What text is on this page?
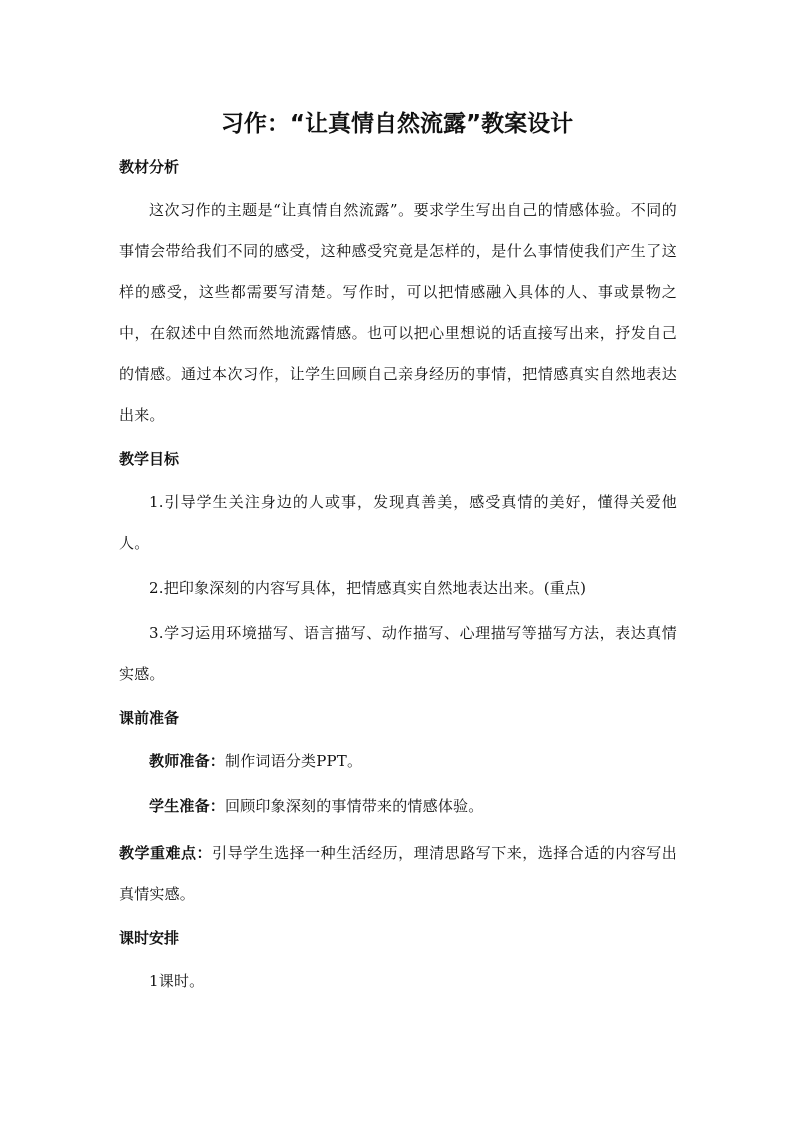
习作：“让真情自然流露”教案设计
教材分析

这次习作的主题是“让真情自然流露”。要求学生写出自己的情感体验。不同的事情会带给我们不同的感受，这种感受究竟是怎样的，是什么事情使我们产生了这样的感受，这些都需要写清楚。写作时，可以把情感融入具体的人、事或景物之中，在叙述中自然而然地流露情感。也可以把心里想说的话直接写出来，抒发自己的情感。通过本次习作，让学生回顾自己亲身经历的事情，把情感真实自然地表达出来。

教学目标

1.引导学生关注身边的人或事，发现真善美，感受真情的美好，懂得关爱他人。

2.把印象深刻的内容写具体，把情感真实自然地表达出来。(重点)

3.学习运用环境描写、语言描写、动作描写、心理描写等描写方法，表达真情实感。

课前准备

教师准备：制作词语分类PPT。

学生准备：回顾印象深刻的事情带来的情感体验。

教学重难点：引导学生选择一种生活经历，理清思路写下来，选择合适的内容写出真情实感。

课时安排

1课时。
